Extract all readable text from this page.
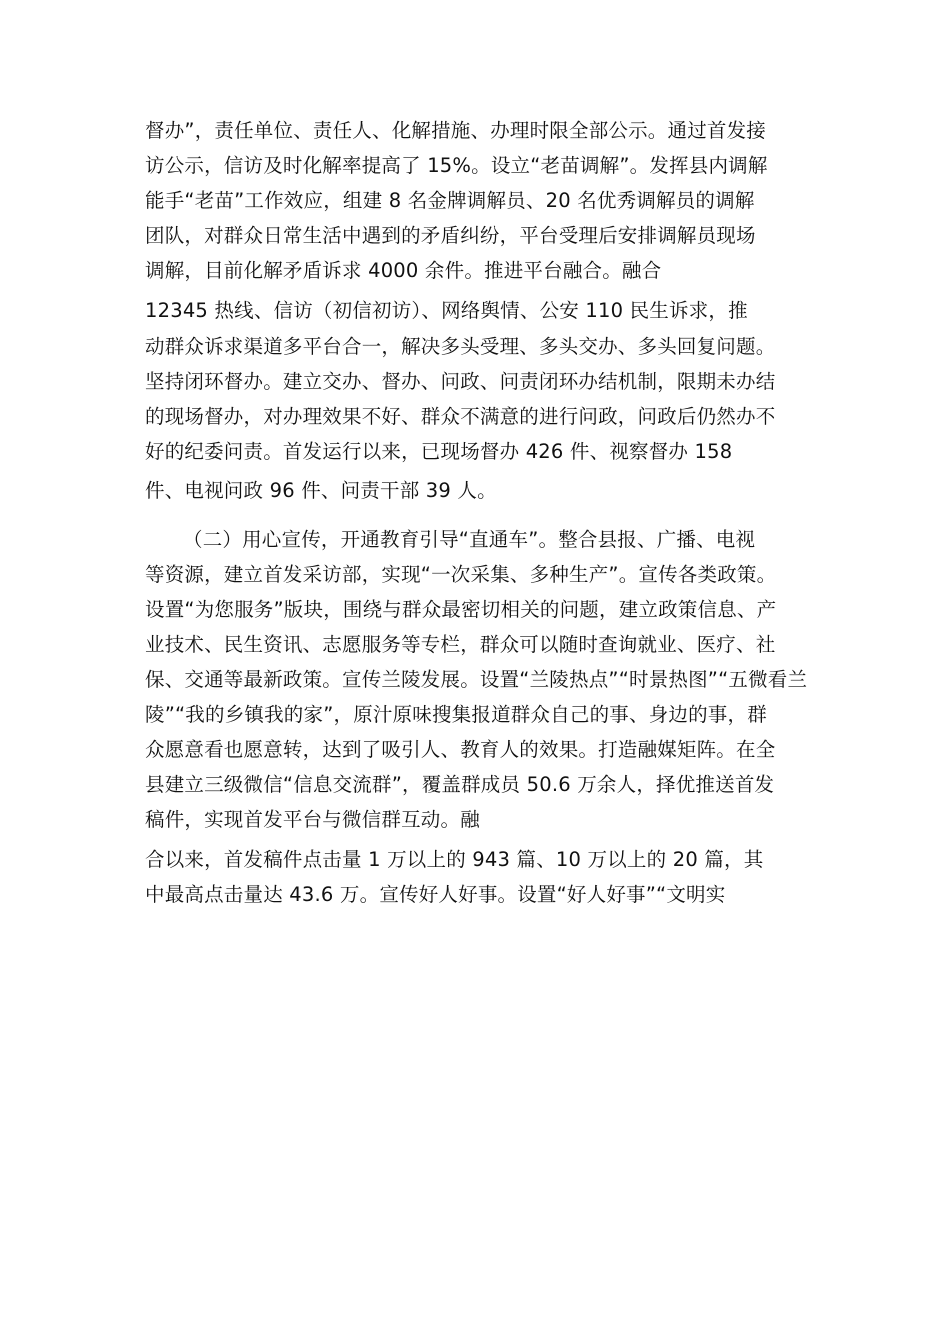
督办”，责任单位、责任人、化解措施、办理时限全部公示。通过首发接
访公示，信访及时化解率提高了 15%。设立“老苗调解”。发挥县内调解
能手“老苗”工作效应，组建 8 名金牌调解员、20 名优秀调解员的调解
团队，对群众日常生活中遇到的矛盾纠纷，平台受理后安排调解员现场
调解，目前化解矛盾诉求 4000 余件。推进平台融合。融合
12345 热线、信访（初信初访）、网络舆情、公安 110 民生诉求，推
动群众诉求渠道多平台合一，解决多头受理、多头交办、多头回复问题。
坚持闭环督办。建立交办、督办、问政、问责闭环办结机制，限期未办结
的现场督办，对办理效果不好、群众不满意的进行问政，问政后仍然办不
好的纪委问责。首发运行以来，已现场督办 426 件、视察督办 158
件、电视问政 96 件、问责干部 39 人。
（二）用心宣传，开通教育引导“直通车”。整合县报、广播、电视
等资源，建立首发采访部，实现“一次采集、多种生产”。宣传各类政策。
设置“为您服务”版块，围绕与群众最密切相关的问题，建立政策信息、产
业技术、民生资讯、志愿服务等专栏，群众可以随时查询就业、医疗、社
保、交通等最新政策。宣传兰陵发展。设置“兰陵热点”“时景热图”“五微看兰
陵”“我的乡镇我的家”，原汁原味搜集报道群众自己的事、身边的事，群
众愿意看也愿意转，达到了吸引人、教育人的效果。打造融媒矩阵。在全
县建立三级微信“信息交流群”，覆盖群成员 50.6 万余人，择优推送首发
稿件，实现首发平台与微信群互动。融
合以来，首发稿件点击量 1 万以上的 943 篇、10 万以上的 20 篇，其
中最高点击量达 43.6 万。宣传好人好事。设置“好人好事”“文明实
